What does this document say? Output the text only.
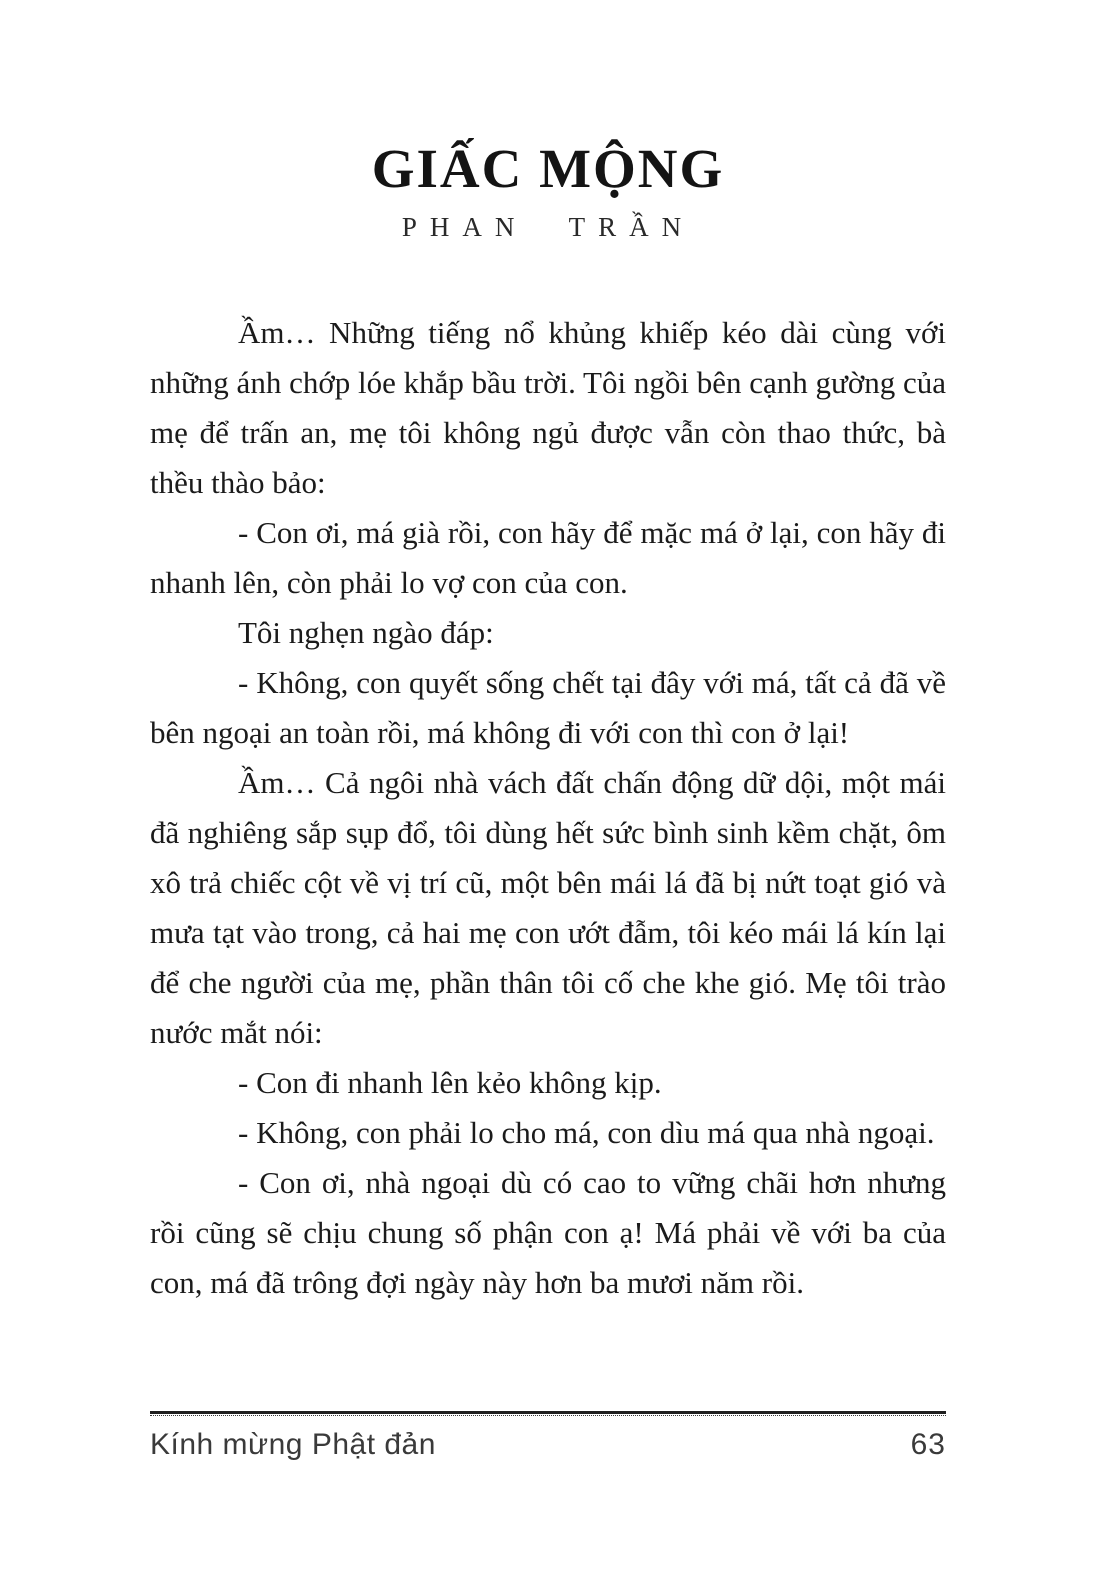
GIẤC MỘNG
PHAN TRẦN

Ầm… Những tiếng nổ khủng khiếp kéo dài cùng với những ánh chớp lóe khắp bầu trời. Tôi ngồi bên cạnh gường của mẹ để trấn an, mẹ tôi không ngủ được vẫn còn thao thức, bà thều thào bảo:

- Con ơi, má già rồi, con hãy để mặc má ở lại, con hãy đi nhanh lên, còn phải lo vợ con của con.

Tôi nghẹn ngào đáp:

- Không, con quyết sống chết tại đây với má, tất cả đã về bên ngoại an toàn rồi, má không đi với con thì con ở lại!

Ầm… Cả ngôi nhà vách đất chấn động dữ dội, một mái đã nghiêng sắp sụp đổ, tôi dùng hết sức bình sinh kềm chặt, ôm xô trả chiếc cột về vị trí cũ, một bên mái lá đã bị nứt toạt gió và mưa tạt vào trong, cả hai mẹ con ướt đẫm, tôi kéo mái lá kín lại để che người của mẹ, phần thân tôi cố che khe gió. Mẹ tôi trào nước mắt nói:

- Con đi nhanh lên kẻo không kịp.

- Không, con phải lo cho má, con dìu má qua nhà ngoại.

- Con ơi, nhà ngoại dù có cao to vững chãi hơn nhưng rồi cũng sẽ chịu chung số phận con ạ! Má phải về với ba của con, má đã trông đợi ngày này hơn ba mươi năm rồi.

Kính mừng Phật đản	63
